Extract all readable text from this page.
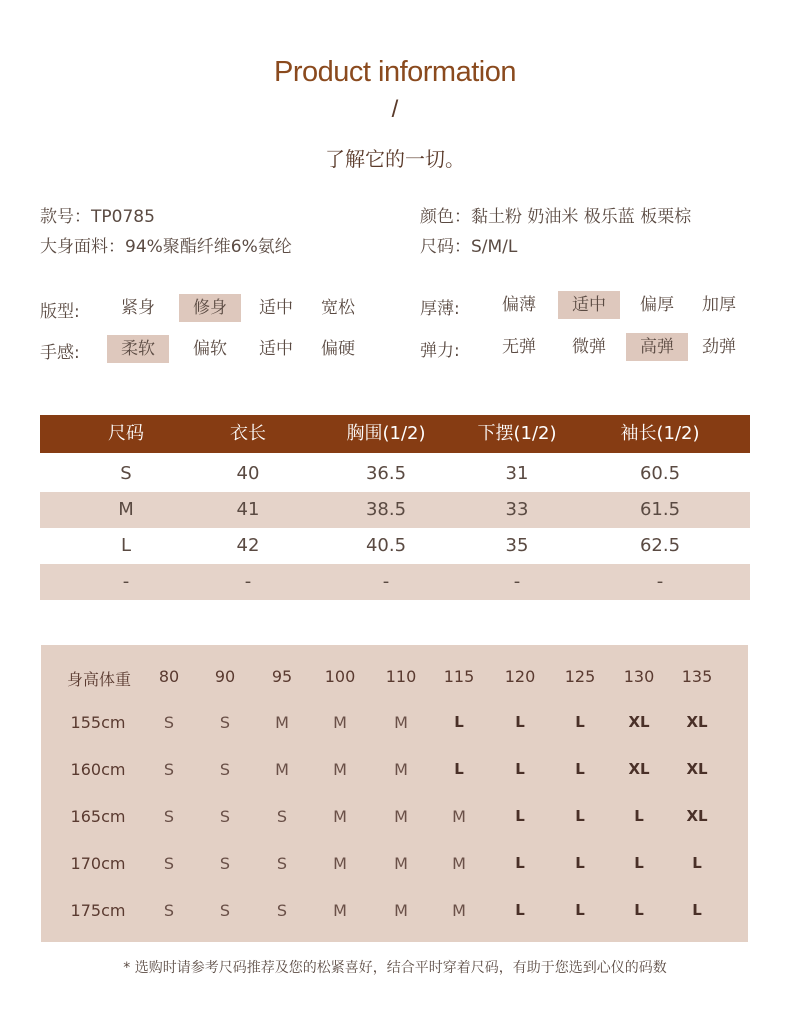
Product information
/
了解它的一切。
款号：TP0785
大身面料：94%聚酯纤维6%氨纶
颜色：黏土粉 奶油米 极乐蓝 板栗棕
尺码：S/M/L
版型:	紧身	修身	适中	宽松	厚薄:	偏薄	适中	偏厚	加厚
手感:	柔软	偏软	适中	偏硬	弹力:	无弹	微弹	高弹	劲弹
尺码	衣长	胸围(1/2)	下摆(1/2)	袖长(1/2)
S	40	36.5	31	60.5
M	41	38.5	33	61.5
L	42	40.5	35	62.5
-	-	-	-	-
身高体重	80	90	95	100	110	115	120	125	130	135
155cm	S	S	M	M	M	L	L	L	XL	XL
160cm	S	S	M	M	M	L	L	L	XL	XL
165cm	S	S	S	M	M	M	L	L	L	XL
170cm	S	S	S	M	M	M	L	L	L	L
175cm	S	S	S	M	M	M	L	L	L	L
* 选购时请参考尺码推荐及您的松紧喜好，结合平时穿着尺码，有助于您选到心仪的码数
